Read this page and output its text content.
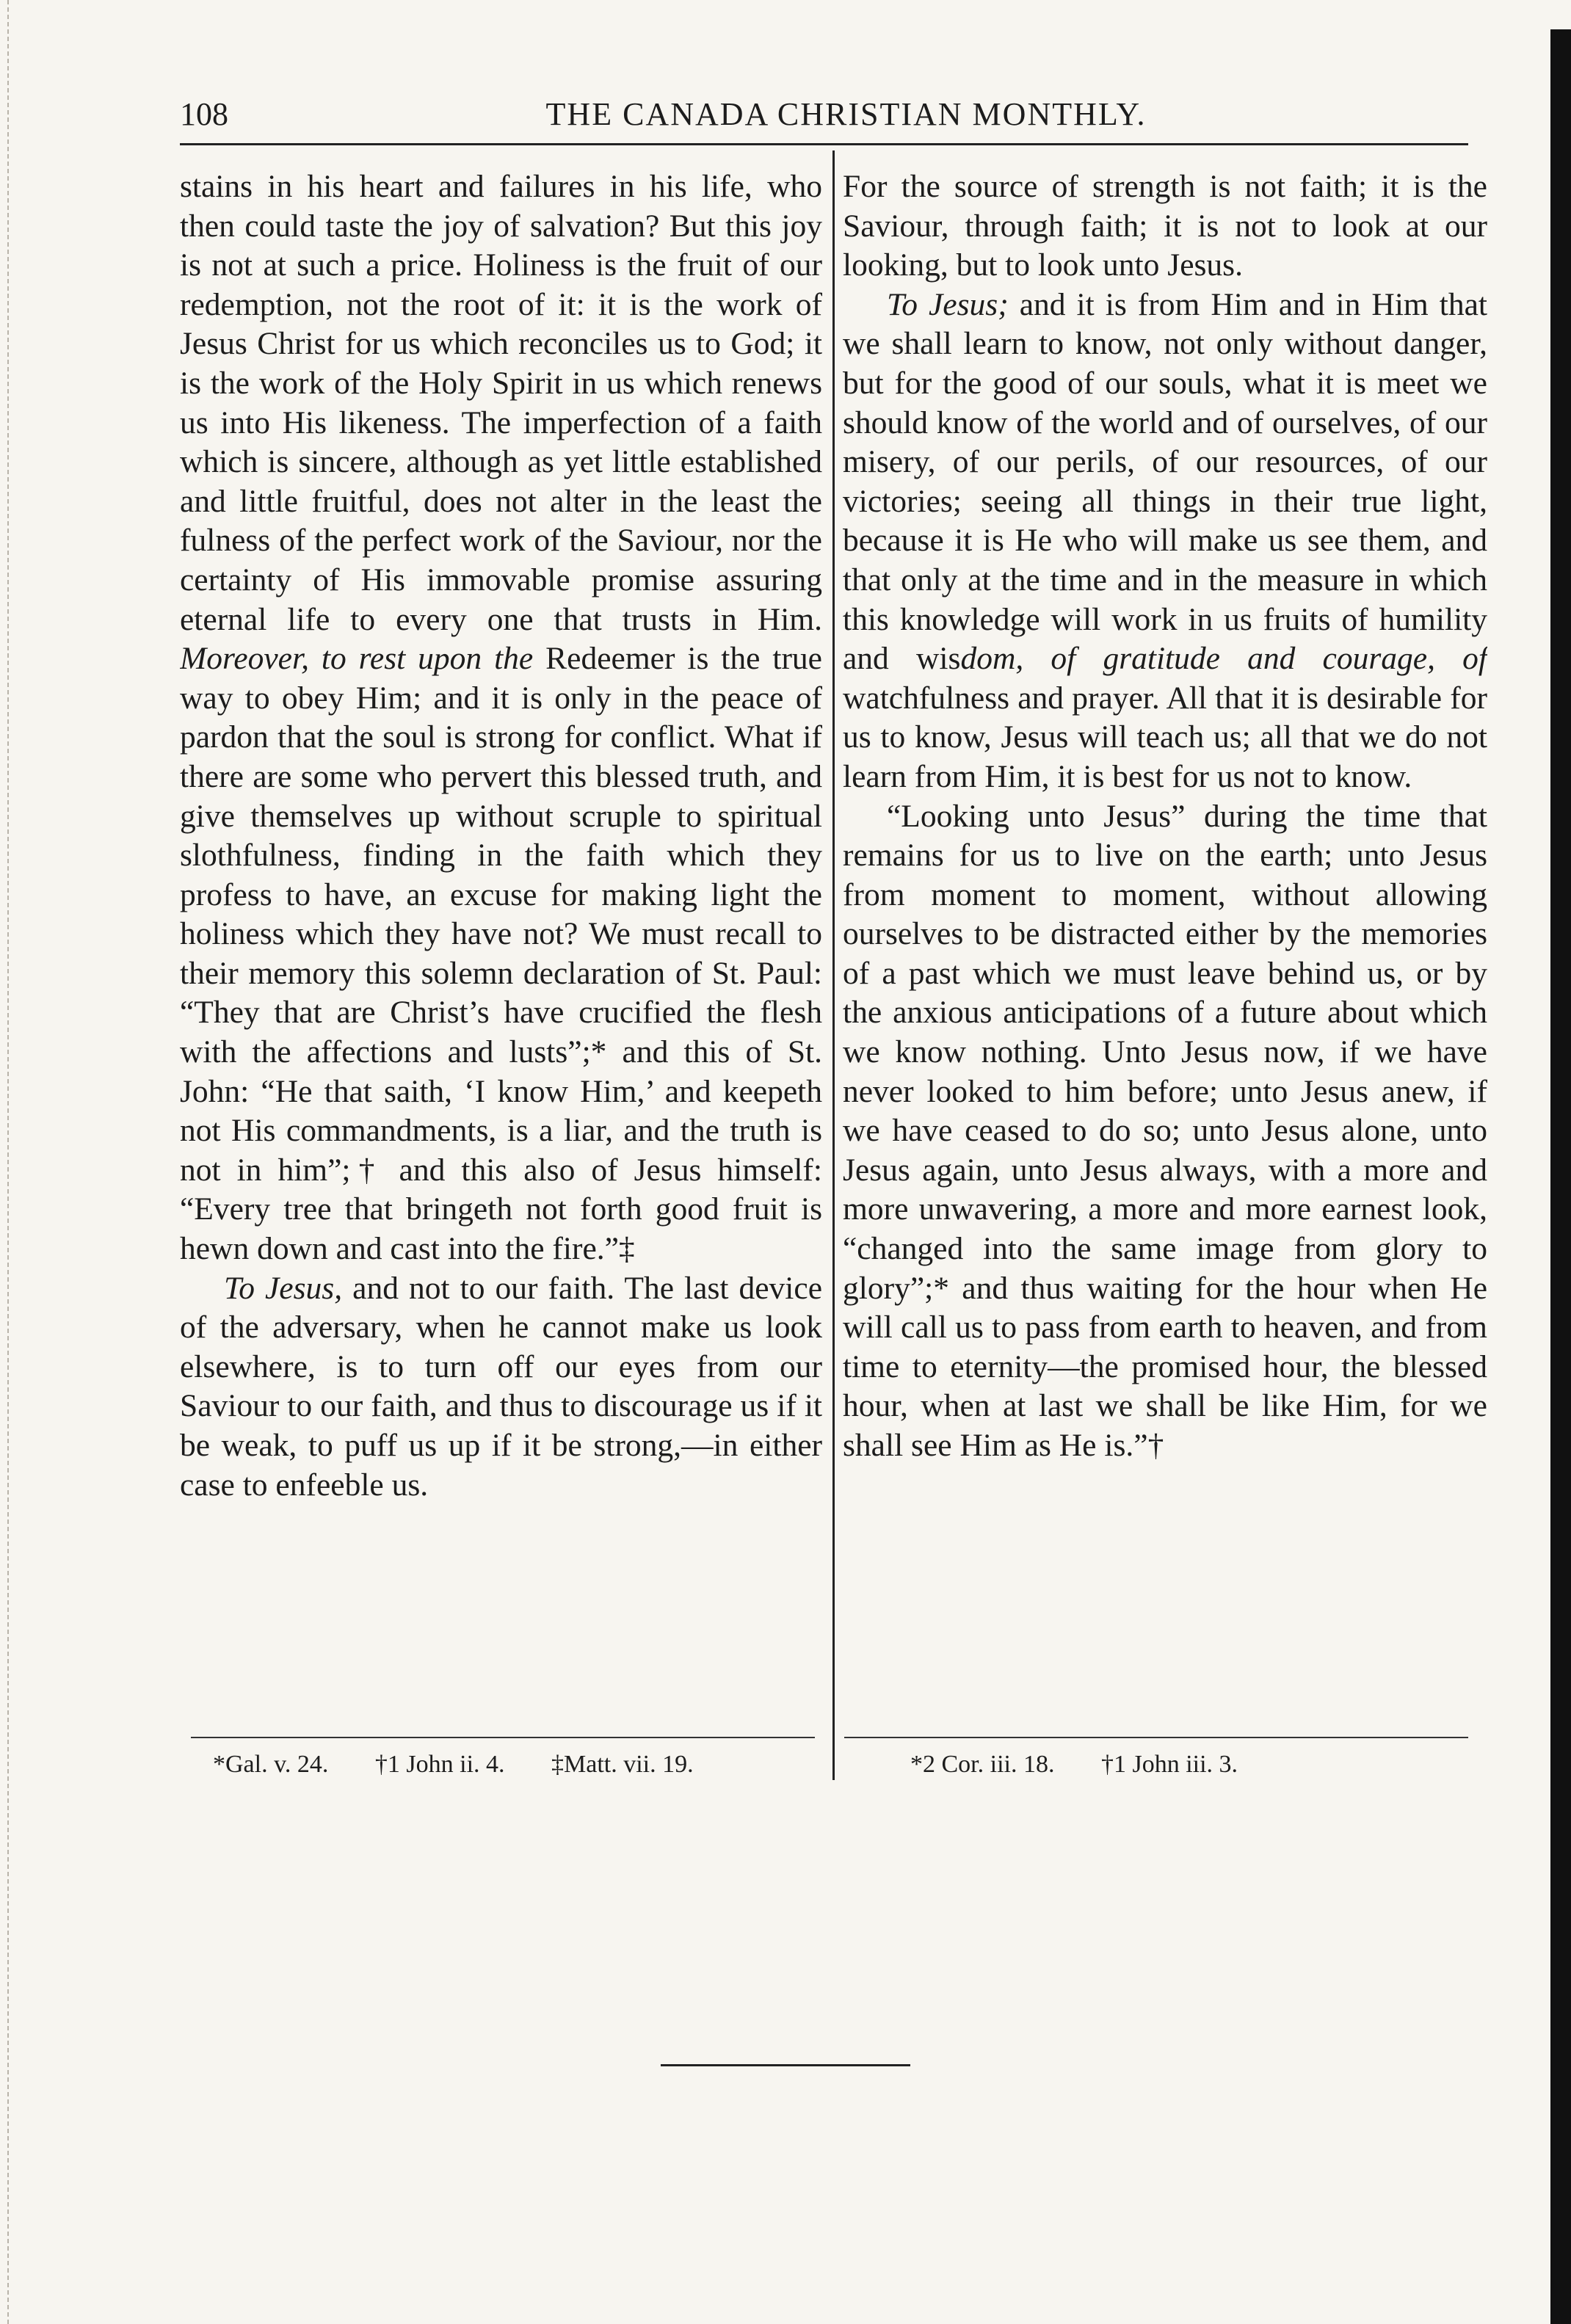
108	THE CANADA CHRISTIAN MONTHLY.

stains in his heart and failures in his life, who then could taste the joy of salvation? But this joy is not at such a price. Holiness is the fruit of our redemption, not the root of it: it is the work of Jesus Christ for us which reconciles us to God; it is the work of the Holy Spirit in us which renews us into His likeness. The imperfection of a faith which is sincere, although as yet little established and little fruitful, does not alter in the least the fulness of the perfect work of the Saviour, nor the certainty of His immovable promise assuring eternal life to every one that trusts in Him. Moreover, to rest upon the Redeemer is the true way to obey Him; and it is only in the peace of pardon that the soul is strong for conflict. What if there are some who pervert this blessed truth, and give themselves up without scruple to spiritual slothfulness, finding in the faith which they profess to have, an excuse for making light the holiness which they have not? We must recall to their memory this solemn declaration of St. Paul: “They that are Christ’s have crucified the flesh with the affections and lusts”;* and this of St. John: “He that saith, ‘I know Him,’ and keepeth not His commandments, is a liar, and the truth is not in him”;† and this also of Jesus himself: “Every tree that bringeth not forth good fruit is hewn down and cast into the fire.”‡

To Jesus, and not to our faith. The last device of the adversary, when he cannot make us look elsewhere, is to turn off our eyes from our Saviour to our faith, and thus to discourage us if it be weak, to puff us up if it be strong,—in either case to enfeeble us.

For the source of strength is not faith; it is the Saviour, through faith; it is not to look at our looking, but to look unto Jesus.

To Jesus; and it is from Him and in Him that we shall learn to know, not only without danger, but for the good of our souls, what it is meet we should know of the world and of ourselves, of our misery, of our perils, of our resources, of our victories; seeing all things in their true light, because it is He who will make us see them, and that only at the time and in the measure in which this knowledge will work in us fruits of humility and wisdom, of gratitude and courage, of watchfulness and prayer. All that it is desirable for us to know, Jesus will teach us; all that we do not learn from Him, it is best for us not to know.

“Looking unto Jesus” during the time that remains for us to live on the earth; unto Jesus from moment to moment, without allowing ourselves to be distracted either by the memories of a past which we must leave behind us, or by the anxious anticipations of a future about which we know nothing. Unto Jesus now, if we have never looked to him before; unto Jesus anew, if we have ceased to do so; unto Jesus alone, unto Jesus again, unto Jesus always, with a more and more unwavering, a more and more earnest look, “changed into the same image from glory to glory”;* and thus waiting for the hour when He will call us to pass from earth to heaven, and from time to eternity—the promised hour, the blessed hour, when at last we shall be like Him, for we shall see Him as He is.”†

*Gal. v. 24. †1 John ii. 4. ‡Matt. vii. 19.	*2 Cor. iii. 18. †1 John iii. 3.
